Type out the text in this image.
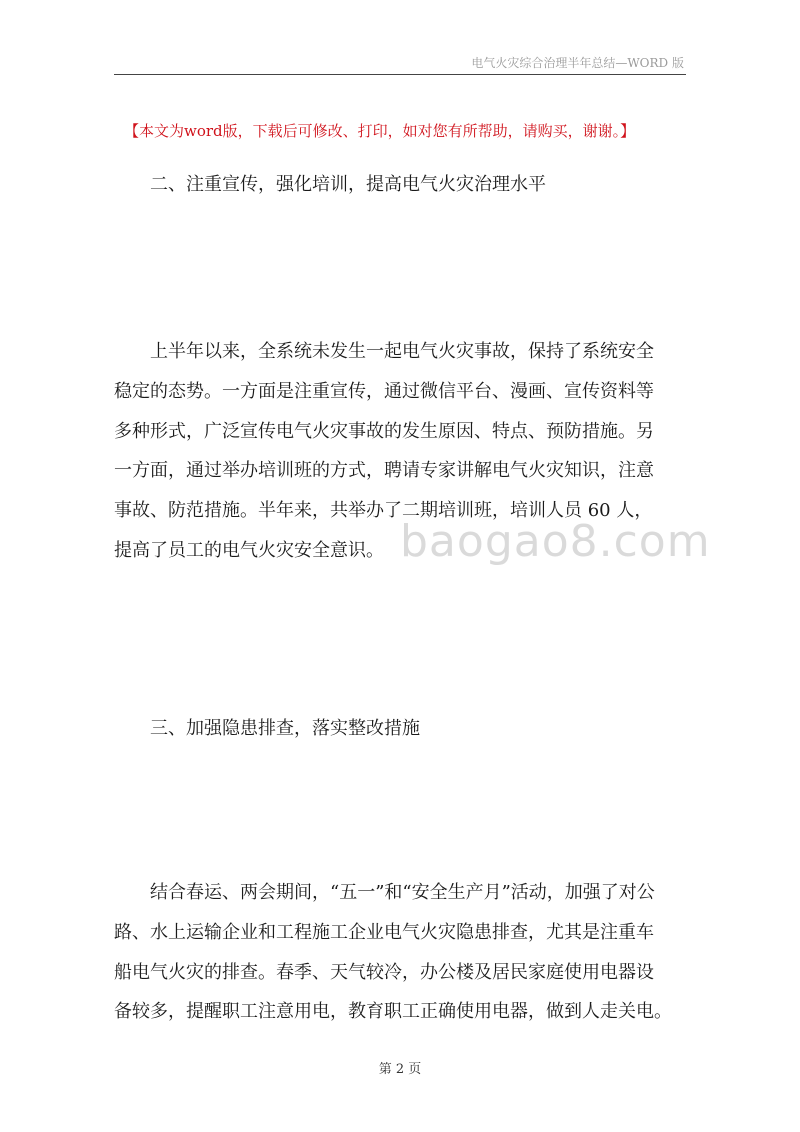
电气火灾综合治理半年总结—WORD 版
【本文为word版，下载后可修改、打印，如对您有所帮助，请购买，谢谢。】
二、注重宣传，强化培训，提高电气火灾治理水平
上半年以来，全系统未发生一起电气火灾事故，保持了系统安全
稳定的态势。一方面是注重宣传，通过微信平台、漫画、宣传资料等
多种形式，广泛宣传电气火灾事故的发生原因、特点、预防措施。另
一方面，通过举办培训班的方式，聘请专家讲解电气火灾知识，注意
事故、防范措施。半年来，共举办了二期培训班，培训人员 60 人，
提高了员工的电气火灾安全意识。 baogao8.com
三、加强隐患排查，落实整改措施
结合春运、两会期间，“五一”和“安全生产月”活动，加强了对公
路、水上运输企业和工程施工企业电气火灾隐患排查，尤其是注重车
船电气火灾的排查。春季、天气较冷，办公楼及居民家庭使用电器设
备较多，提醒职工注意用电，教育职工正确使用电器，做到人走关电。
第 2 页
